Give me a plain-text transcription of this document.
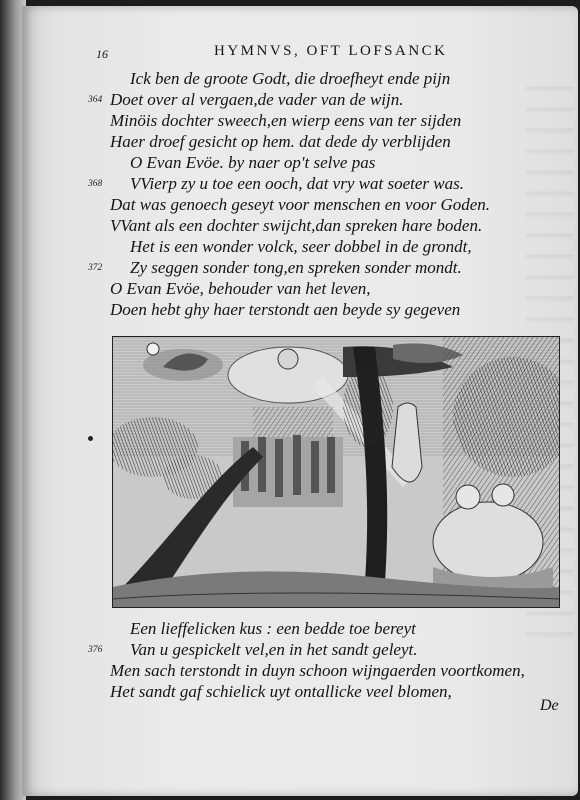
16	HYMNVS, OFT LOFSANCK
Ick ben de groote Godt, die droefheyt ende pijn
Doet over al vergaen,de vader van de wijn.
364
Minöis dochter sweech,en wierp eens van ter sijden
Haer droef gesicht op hem. dat dede dy verblijden
O Evan Evöe. by naer op't selve pas
VVierp zy u toe een ooch, dat vry wat soeter was.
368
Dat was genoech geseyt voor menschen en voor Goden.
VVant als een dochter swijcht,dan spreken hare boden.
Het is een wonder volck, seer dobbel in de grondt,
Zy seggen sonder tong,en spreken sonder mondt.
372
O Evan Evöe, behouder van het leven,
Doen hebt ghy haer terstondt aen beyde sy gegeven
Een lieffelicken kus : een bedde toe bereyt
Van u gespickelt vel,en in het sandt geleyt.
376
Men sach terstondt in duyn schoon wijngaerden voortkomen,
Het sandt gaf schielick uyt ontallicke veel blomen,
De
